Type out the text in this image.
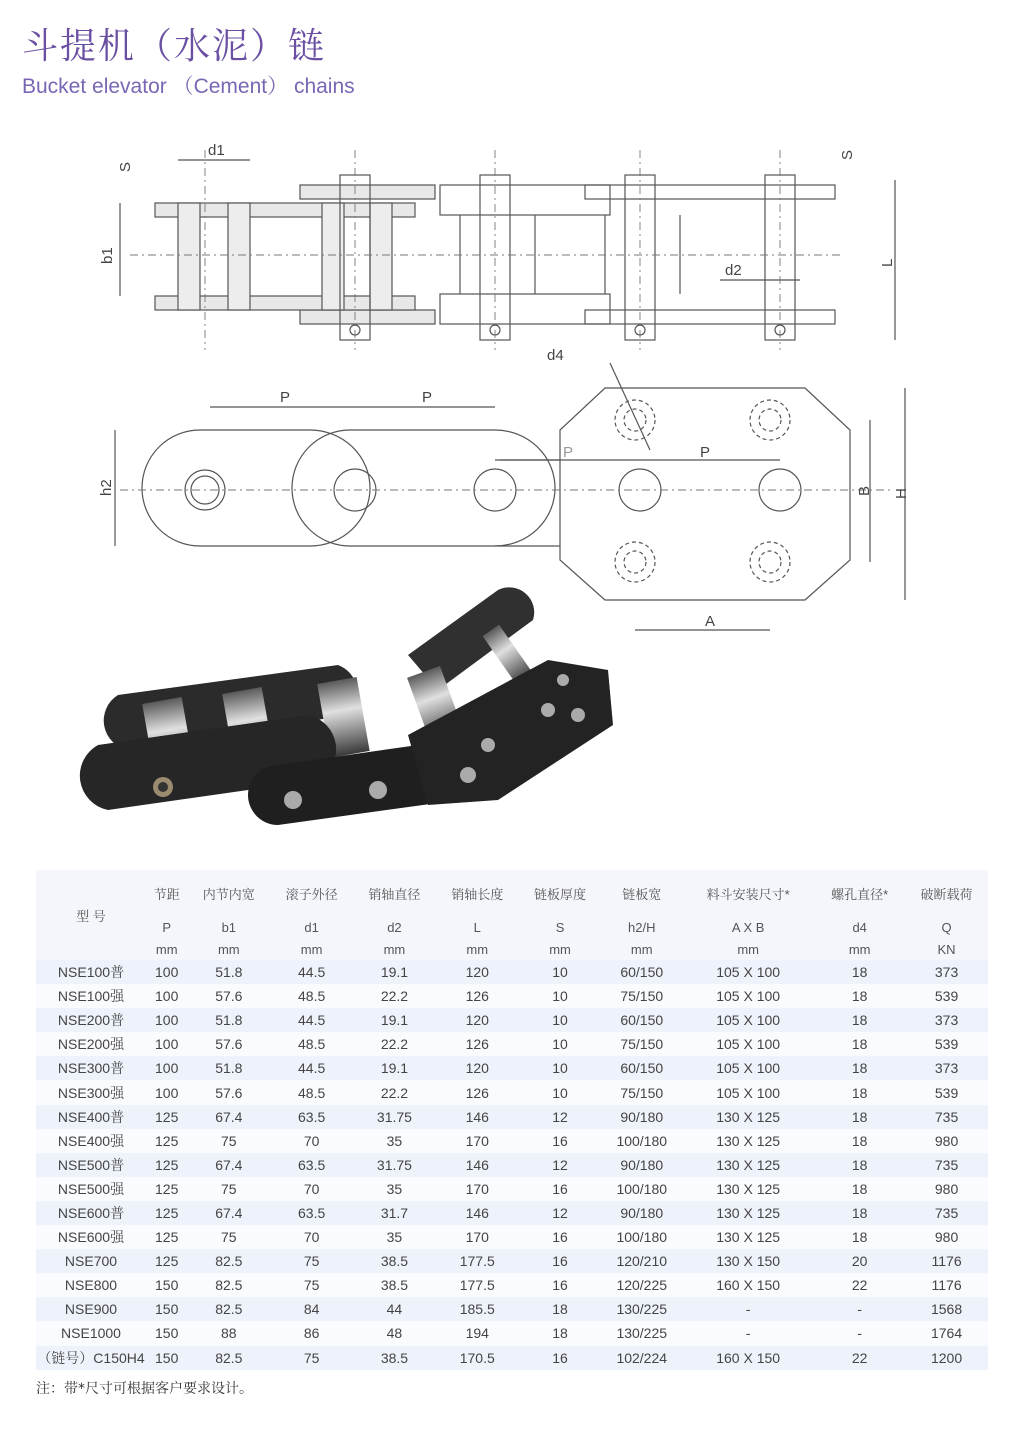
斗提机（水泥）链
Bucket elevator （Cement） chains
d1
S
S
b1	L
d2
d4
P	P
P	P
h2	B H
A
型 号	节距	内节内宽	滚子外径	销轴直径	销轴长度	链板厚度	链板宽	料斗安装尺寸*	螺孔直径*	破断载荷
	P	b1	d1	d2	L	S	h2/H	A X B	d4	Q
	mm	mm	mm	mm	mm	mm	mm	mm	mm	KN
NSE100普	100	51.8	44.5	19.1	120	10	60/150	105 X 100	18	373
NSE100强	100	57.6	48.5	22.2	126	10	75/150	105 X 100	18	539
NSE200普	100	51.8	44.5	19.1	120	10	60/150	105 X 100	18	373
NSE200强	100	57.6	48.5	22.2	126	10	75/150	105 X 100	18	539
NSE300普	100	51.8	44.5	19.1	120	10	60/150	105 X 100	18	373
NSE300强	100	57.6	48.5	22.2	126	10	75/150	105 X 100	18	539
NSE400普	125	67.4	63.5	31.75	146	12	90/180	130 X 125	18	735
NSE400强	125	75	70	35	170	16	100/180	130 X 125	18	980
NSE500普	125	67.4	63.5	31.75	146	12	90/180	130 X 125	18	735
NSE500强	125	75	70	35	170	16	100/180	130 X 125	18	980
NSE600普	125	67.4	63.5	31.7	146	12	90/180	130 X 125	18	735
NSE600强	125	75	70	35	170	16	100/180	130 X 125	18	980
NSE700	125	82.5	75	38.5	177.5	16	120/210	130 X 150	20	1176
NSE800	150	82.5	75	38.5	177.5	16	120/225	160 X 150	22	1176
NSE900	150	82.5	84	44	185.5	18	130/225	-	-	1568
NSE1000	150	88	86	48	194	18	130/225	-	-	1764
（链号）C150H4	150	82.5	75	38.5	170.5	16	102/224	160 X 150	22	1200
注：带*尺寸可根据客户要求设计。
